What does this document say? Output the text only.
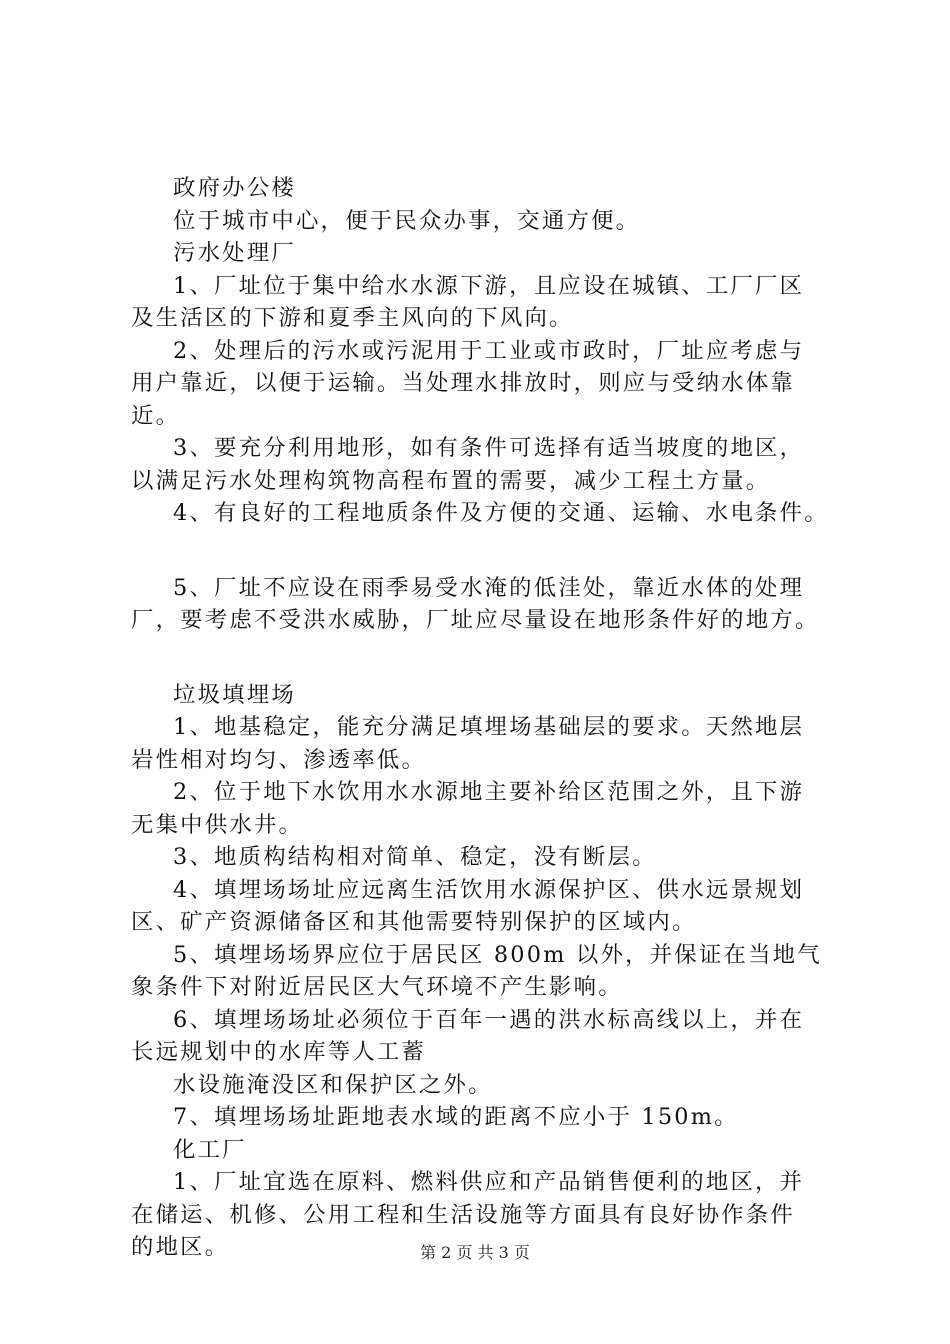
政府办公楼
位于城市中心，便于民众办事，交通方便。
污水处理厂
1、厂址位于集中给水水源下游，且应设在城镇、工厂厂区
及生活区的下游和夏季主风向的下风向。
2、处理后的污水或污泥用于工业或市政时，厂址应考虑与
用户靠近，以便于运输。当处理水排放时，则应与受纳水体靠
近。
3、要充分利用地形，如有条件可选择有适当坡度的地区，
以满足污水处理构筑物高程布置的需要，减少工程土方量。
4、有良好的工程地质条件及方便的交通、运输、水电条件。
5、厂址不应设在雨季易受水淹的低洼处，靠近水体的处理
厂，要考虑不受洪水威胁，厂址应尽量设在地形条件好的地方。
垃圾填埋场
1、地基稳定，能充分满足填埋场基础层的要求。天然地层
岩性相对均匀、渗透率低。
2、位于地下水饮用水水源地主要补给区范围之外，且下游
无集中供水井。
3、地质构结构相对简单、稳定，没有断层。
4、填埋场场址应远离生活饮用水源保护区、供水远景规划
区、矿产资源储备区和其他需要特别保护的区域内。
5、填埋场场界应位于居民区 800m 以外，并保证在当地气
象条件下对附近居民区大气环境不产生影响。
6、填埋场场址必须位于百年一遇的洪水标高线以上，并在
长远规划中的水库等人工蓄
水设施淹没区和保护区之外。
7、填埋场场址距地表水域的距离不应小于 150m。
化工厂
1、厂址宜选在原料、燃料供应和产品销售便利的地区，并
在储运、机修、公用工程和生活设施等方面具有良好协作条件
的地区。	第 2 页 共 3 页
